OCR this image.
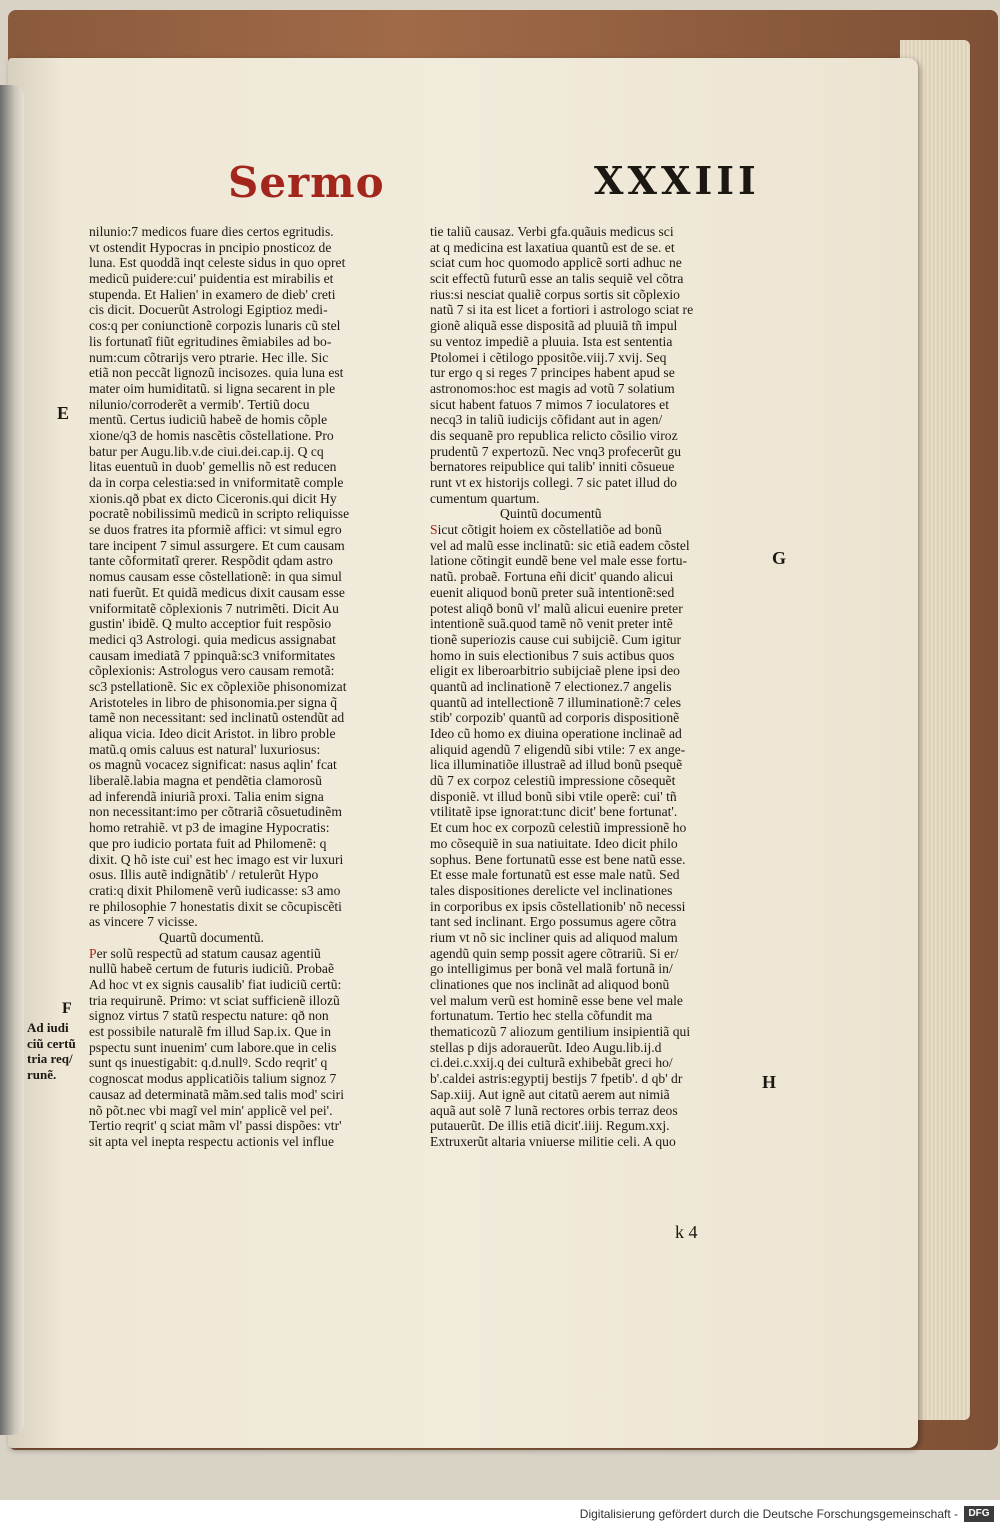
Sermo	XXXIII
nilunio:7 medicos fuare dies certos egritudis.
vt ostendit Hypocras in pncipio pnosticoz de
luna. Est quoddã inqt celeste sidus in quo opret
medicũ puidere:cui' puidentia est mirabilis et
stupenda. Et Halien' in examero de dieb' creti
cis dicit. Docuerũt Astrologi Egiptioz medi-
cos:q per coniunctionẽ corpozis lunaris cũ stel
lis fortunatĩ fiũt egritudines ẽmiabiles ad bo-
num:cum cõtrarijs vero ptrarie. Hec ille. Sic
etiã non peccãt lignozũ incisozes. quia luna est
mater oim humiditatũ. si ligna secarent in ple
nilunio/corroderẽt a vermib'. Tertiũ docu
mentũ. Certus iudiciũ habeẽ de homis cõple
xione/q3 de homis nascẽtis cõstellatione. Pro
batur per Augu.lib.v.de ciui.dei.cap.ij. Q cq
litas euentuũ in duob' gemellis nõ est reducen
da in corpa celestia:sed in vniformitatẽ comple
xionis.qð pbat ex dicto Ciceronis.qui dicit Hy
pocratẽ nobilissimũ medicũ in scripto reliquisse
se duos fratres ita pformiẽ affici: vt simul egro
tare incipent 7 simul assurgere. Et cum causam
tante cõformitatĩ qrerer. Respõdit qdam astro
nomus causam esse cõstellationẽ: in qua simul
nati fuerũt. Et quidã medicus dixit causam esse
vniformitatẽ cõplexionis 7 nutrimẽti. Dicit Au
gustin' ibidẽ. Q multo acceptior fuit respõsio
medici q3 Astrologi. quia medicus assignabat
causam imediatã 7 ppinquã:sc3 vniformitates
cõplexionis: Astrologus vero causam remotã:
sc3 pstellationẽ. Sic ex cõplexiõe phisonomizat
Aristoteles in libro de phisonomia.per signa q̃
tamẽ non necessitant: sed inclinatũ ostendũt ad
aliqua vicia. Ideo dicit Aristot. in libro proble
matũ.q omis caluus est natural' luxuriosus:
os magnũ vocacez significat: nasus aqlin' fcat
liberalẽ.labia magna et pendẽtia clamorosũ
ad inferendã iniuriã proxi. Talia enim signa
non necessitant:imo per cõtrariã cõsuetudinẽm
homo retrahiẽ. vt p3 de imagine Hypocratis:
que pro iudicio portata fuit ad Philomenẽ: q
dixit. Q hõ iste cui' est hec imago est vir luxuri
osus. Illis autẽ indignãtib' / retulerũt Hypo
crati:q dixit Philomenẽ verũ iudicasse: s3 amo
re philosophie 7 honestatis dixit se cõcupiscẽti
as vincere 7 vicisse.
Quartũ documentũ.
Per solũ respectũ ad statum causaz agentiũ
nullũ habeẽ certum de futuris iudiciũ. Probaẽ
Ad hoc vt ex signis causalib' fiat iudiciũ certũ:
tria requirunẽ. Primo: vt sciat sufficienẽ illozũ
signoz virtus 7 statũ respectu nature: qð non
est possibile naturalẽ fm illud Sap.ix. Que in
pspectu sunt inuenim' cum labore.que in celis
sunt qs inuestigabit: q.d.nullꝰ. Scdo reqrit' q
cognoscat modus applicatiõis talium signoz 7
causaz ad determinatã mãm.sed talis mod' sciri
nõ põt.nec vbi magĩ vel min' applicẽ vel pei'.
Tertio reqrit' q sciat mãm vl' passi dispões: vtr'
sit apta vel inepta respectu actionis vel influe
tie taliũ causaz. Verbi gfa.quãuis medicus sci
at q medicina est laxatiua quantũ est de se. et
sciat cum hoc quomodo applicẽ sorti adhuc ne
scit effectũ futurũ esse an talis sequiẽ vel cõtra
rius:si nesciat qualiẽ corpus sortis sit cõplexio
natũ 7 si ita est licet a fortiori i astrologo sciat re
gionẽ aliquã esse dispositã ad pluuiã tñ impul
su ventoz impediẽ a pluuia. Ista est sententia
Ptolomei i cẽtilogo ppositõe.viij.7 xvij. Seq
tur ergo q si reges 7 principes habent apud se
astronomos:hoc est magis ad votũ 7 solatium
sicut habent fatuos 7 mimos 7 ioculatores et
necq3 in taliũ iudicijs cõfidant aut in agen/
dis sequanẽ pro republica relicto cõsilio viroz
prudentũ 7 expertozũ. Nec vnq3 profecerũt gu
bernatores reipublice qui talib' inniti cõsueue
runt vt ex historijs collegi. 7 sic patet illud do
cumentum quartum.
Quintũ documentũ
Sicut cõtigit hoiem ex cõstellatiõe ad bonũ
vel ad malũ esse inclinatũ: sic etiã eadem cõstel
latione cõtingit eundẽ bene vel male esse fortu-
natũ. probaẽ. Fortuna eñi dicit' quando alicui
euenit aliquod bonũ preter suã intentionẽ:sed
potest aliqð bonũ vl' malũ alicui euenire preter
intentionẽ suã.quod tamẽ nõ venit preter intẽ
tionẽ superiozis cause cui subijciẽ. Cum igitur
homo in suis electionibus 7 suis actibus quos
eligit ex liberoarbitrio subijciaẽ plene ipsi deo
quantũ ad inclinationẽ 7 electionez.7 angelis
quantũ ad intellectionẽ 7 illuminationẽ:7 celes
stib' corpozib' quantũ ad corporis dispositionẽ
Ideo cũ homo ex diuina operatione inclinaẽ ad
aliquid agendũ 7 eligendũ sibi vtile: 7 ex ange-
lica illuminatiõe illustraẽ ad illud bonũ psequẽ
dũ 7 ex corpoz celestiũ impressione cõsequẽt
disponiẽ. vt illud bonũ sibi vtile operẽ: cui' tñ
vtilitatẽ ipse ignorat:tunc dicit' bene fortunat'.
Et cum hoc ex corpozũ celestiũ impressionẽ ho
mo cõsequiẽ in sua natiuitate. Ideo dicit philo
sophus. Bene fortunatũ esse est bene natũ esse.
Et esse male fortunatũ est esse male natũ. Sed
tales dispositiones derelicte vel inclinationes
in corporibus ex ipsis cõstellationib' nõ necessi
tant sed inclinant. Ergo possumus agere cõtra
rium vt nõ sic incliner quis ad aliquod malum
agendũ quin semp possit agere cõtrariũ. Si er/
go intelligimus per bonã vel malã fortunã in/
clinationes que nos inclinãt ad aliquod bonũ
vel malum verũ est hominẽ esse bene vel male
fortunatum. Tertio hec stella cõfundit ma
thematicozũ 7 aliozum gentilium insipientiã qui
stellas p dijs adorauerũt. Ideo Augu.lib.ij.d
ci.dei.c.xxij.q dei culturã exhibebãt greci ho/
b'.caldei astris:egyptij bestijs 7 fpetib'. d qb' dr
Sap.xiij. Aut ignẽ aut citatũ aerem aut nimiã
aquã aut solẽ 7 lunã rectores orbis terraz deos
putauerũt. De illis etiã dicit'.iiij. Regum.xxj.
Extruxerũt altaria vniuerse militie celi. A quo
E
G
F
H
Ad iudi
ciũ certũ
tria req/
runẽ.
k 4
Digitalisierung gefördert durch die Deutsche Forschungsgemeinschaft -	DFG
